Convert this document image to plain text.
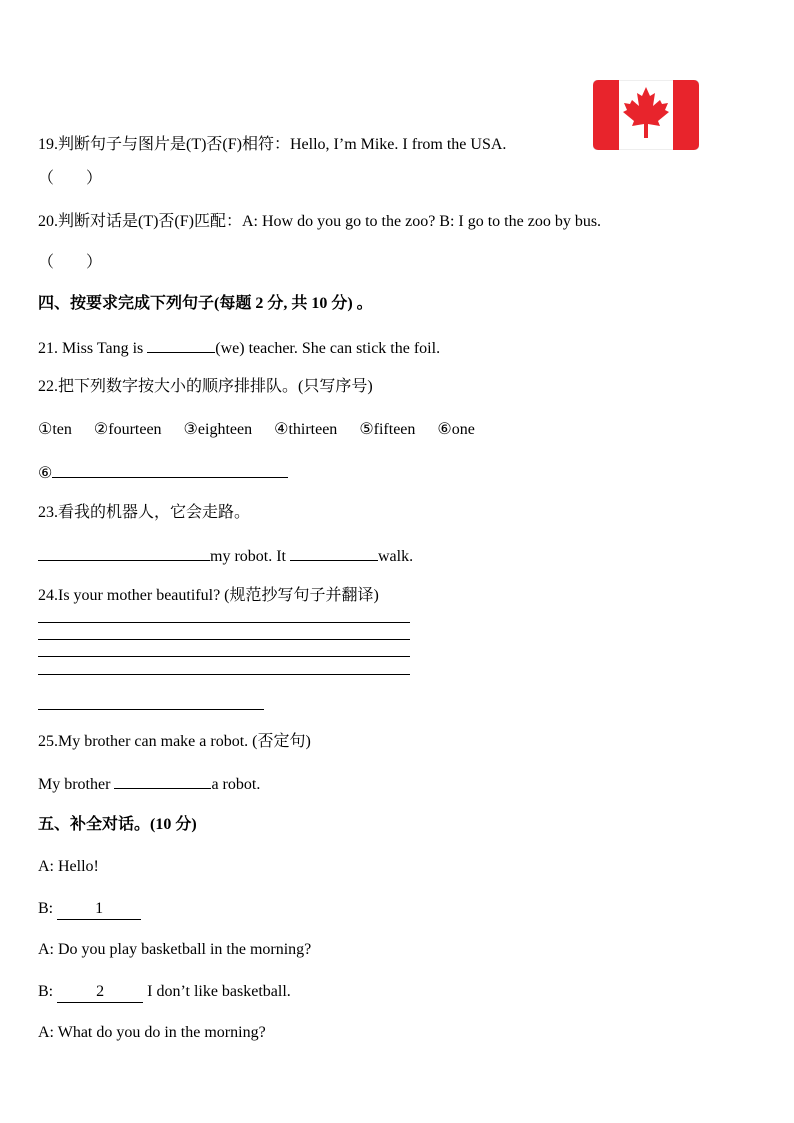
19.判断句子与图片是(T)否(F)相符：Hello, I’m Mike. I from the USA.
（　　）
20.判断对话是(T)否(F)匹配：A: How do you go to the zoo? B: I go to the zoo by bus.
（　　）
四、按要求完成下列句子(每题 2 分, 共 10 分) 。
21. Miss Tang is	(we) teacher. She can stick the foil.
22.把下列数字按大小的顺序排排队。(只写序号)
①ten ②fourteen ③eighteen ④thirteen ⑤fifteen ⑥one
⑥
23.看我的机器人，它会走路。
my robot. It	walk.
24.Is your mother beautiful? (规范抄写句子并翻译)
25.My brother can make a robot. (否定句)
My brother	a robot.
五、补全对话。(10 分)
A: Hello!
B: 1
A: Do you play basketball in the morning?
B: 2 I don’t like basketball.
A: What do you do in the morning?
